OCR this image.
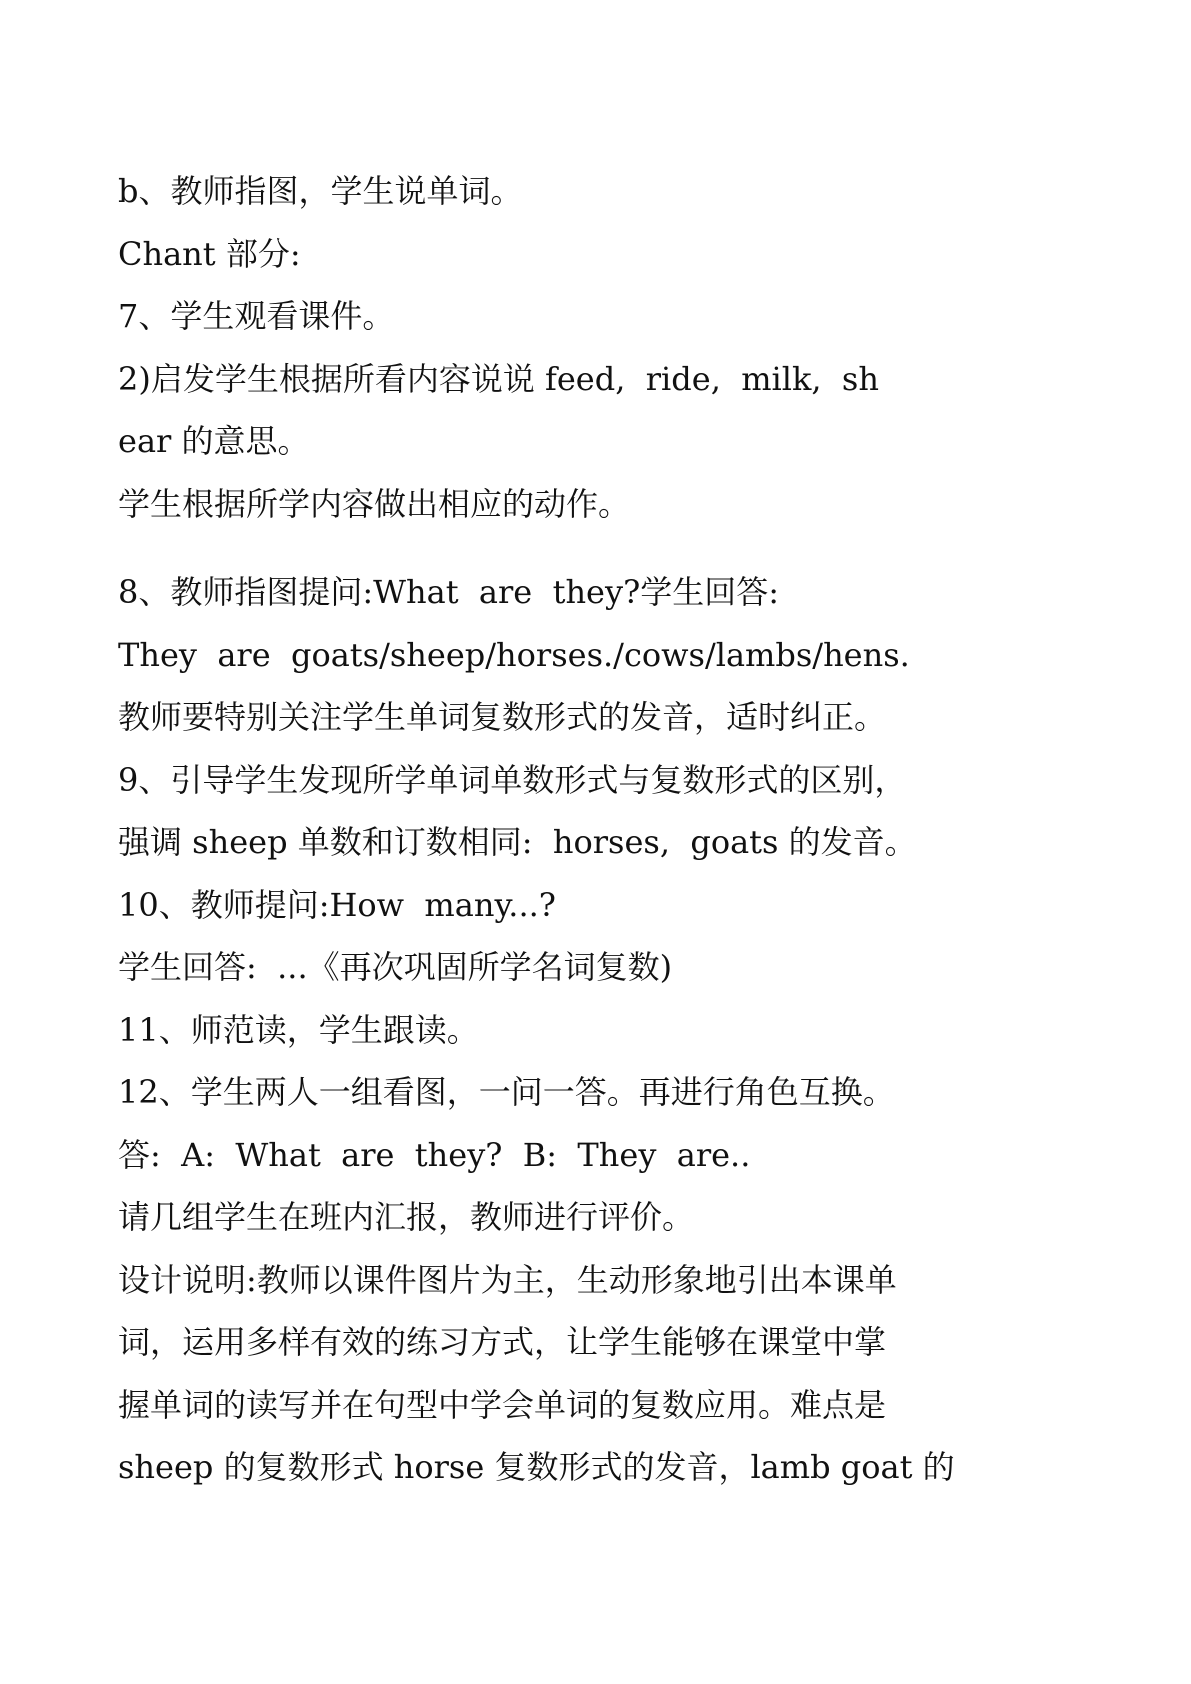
b、教师指图，学生说单词。

Chant 部分:

7、学生观看课件。

2)启发学生根据所看内容说说 feed,  ride,  milk,  sh

ear 的意思。

学生根据所学内容做出相应的动作。

8、教师指图提问:What  are  they?学生回答:

They  are  goats/sheep/horses./cows/lambs/hens.

教师要特别关注学生单词复数形式的发音，适时纠正。

9、引导学生发现所学单词单数形式与复数形式的区别，

强调 sheep 单数和订数相同:  horses,  goats 的发音。

10、教师提问:How  many...?

学生回答:  ...《再次巩固所学名词复数)

11、师范读，学生跟读。

12、学生两人一组看图，一问一答。再进行角色互换。

答:  A:  What  are  they?  B:  They  are..

请几组学生在班内汇报，教师进行评价。

设计说明:教师以课件图片为主，生动形象地引出本课单

词，运用多样有效的练习方式，让学生能够在课堂中掌

握单词的读写并在句型中学会单词的复数应用。难点是

sheep 的复数形式 horse 复数形式的发音，lamb goat 的
